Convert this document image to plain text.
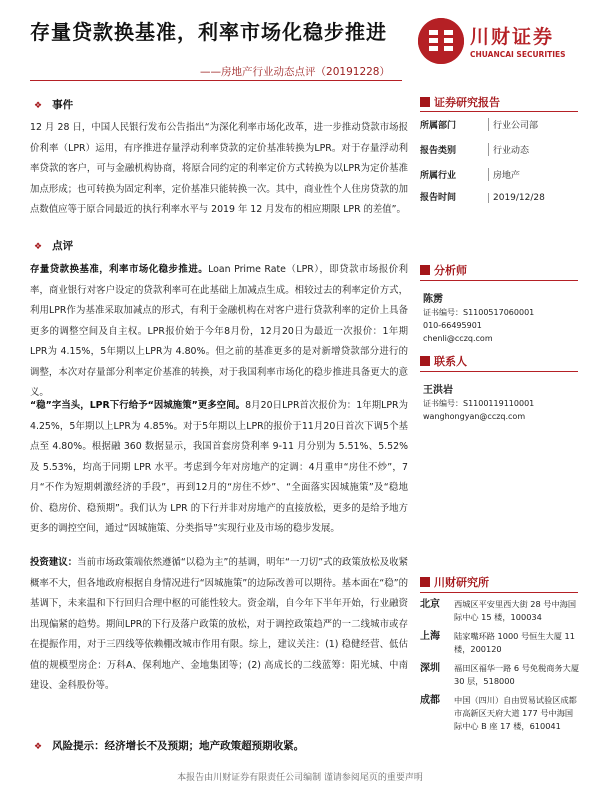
存量贷款换基准，利率市场化稳步推进
——房地产行业动态点评（20191228）
川财证券
CHUANCAI SECURITIES
❖ 事件
12 月 28 日，中国人民银行发布公告指出“为深化利率市场化改革，进一步推动贷款市场报价利率（LPR）运用，有序推进存量浮动利率贷款的定价基准转换为LPR。对于存量浮动利率贷款的客户，可与金融机构协商，将原合同约定的利率定价方式转换为以LPR为定价基准加点形成；也可转换为固定利率，定价基准只能转换一次。其中，商业性个人住房贷款的加点数值应等于原合同最近的执行利率水平与 2019 年 12 月发布的相应期限 LPR 的差值”。
❖ 点评
存量贷款换基准，利率市场化稳步推进。Loan Prime Rate（LPR），即贷款市场报价利率，商业银行对客户设定的贷款利率可在此基础上加减点生成。相较过去的利率定价方式，利用LPR作为基准采取加减点的形式，有利于金融机构在对客户进行贷款利率的定价上具备更多的调整空间及自主权。LPR报价始于今年8月份，12月20日为最近一次报价：1年期LPR为 4.15%，5年期以上LPR为 4.80%。但之前的基准更多的是对新增贷款部分进行的调整，本次对存量部分利率定价基准的转换，对于我国利率市场化的稳步推进具备更大的意义。
“稳”字当头，LPR下行给予“因城施策”更多空间。8月20日LPR首次报价为：1年期LPR为 4.25%，5年期以上LPR为 4.85%。对于5年期以上LPR的报价于11月20日首次下调5个基点至 4.80%。根据融 360 数据显示，我国首套房贷利率 9-11 月分别为 5.51%、5.52%及 5.53%，均高于同期 LPR 水平。考虑到今年对房地产的定调：4月重申“房住不炒”，7月“不作为短期刺激经济的手段”，再到12月的“房住不炒”、“全面落实因城施策”及“稳地价、稳房价、稳预期”。我们认为 LPR 的下行并非对房地产的直接放松，更多的是给予地方更多的调控空间，通过“因城施策、分类指导”实现行业及市场的稳步发展。
投资建议：当前市场政策端依然遵循“以稳为主”的基调，明年“一刀切”式的政策放松及收紧概率不大，但各地政府根据自身情况进行“因城施策”的边际改善可以期待。基本面在“稳”的基调下，未来温和下行回归合理中枢的可能性较大。资金端，自今年下半年开始，行业融资出现偏紧的趋势。期间LPR的下行及落户政策的放松，对于调控政策趋严的一二线城市或存在提振作用，对于三四线等依赖棚改城市作用有限。综上，建议关注：(1) 稳健经营、低估值的规模型房企：万科A、保利地产、金地集团等；(2) 高成长的二线蓝筹：阳光城、中南建设、金科股份等。
❖ 风险提示：经济增长不及预期；地产政策超预期收紧。
证券研究报告
所属部门	行业公司部
报告类别	行业动态
所属行业	房地产
报告时间	2019/12/28
分析师
陈雳
证书编号：S1100517060001
010-66495901
chenli@cczq.com
联系人
王洪岩
证书编号：S1100119110001
wanghongyan@cczq.com
川财研究所
北京 西城区平安里西大街 28 号中海国际中心 15 楼，100034
上海 陆家嘴环路 1000 号恒生大厦 11 楼，200120
深圳 福田区福华一路 6 号免税商务大厦 30 层，518000
成都 中国（四川）自由贸易试验区成都市高新区天府大道 177 号中海国际中心 B 座 17 楼，610041
本报告由川财证券有限责任公司编制 谨请参阅尾页的重要声明
